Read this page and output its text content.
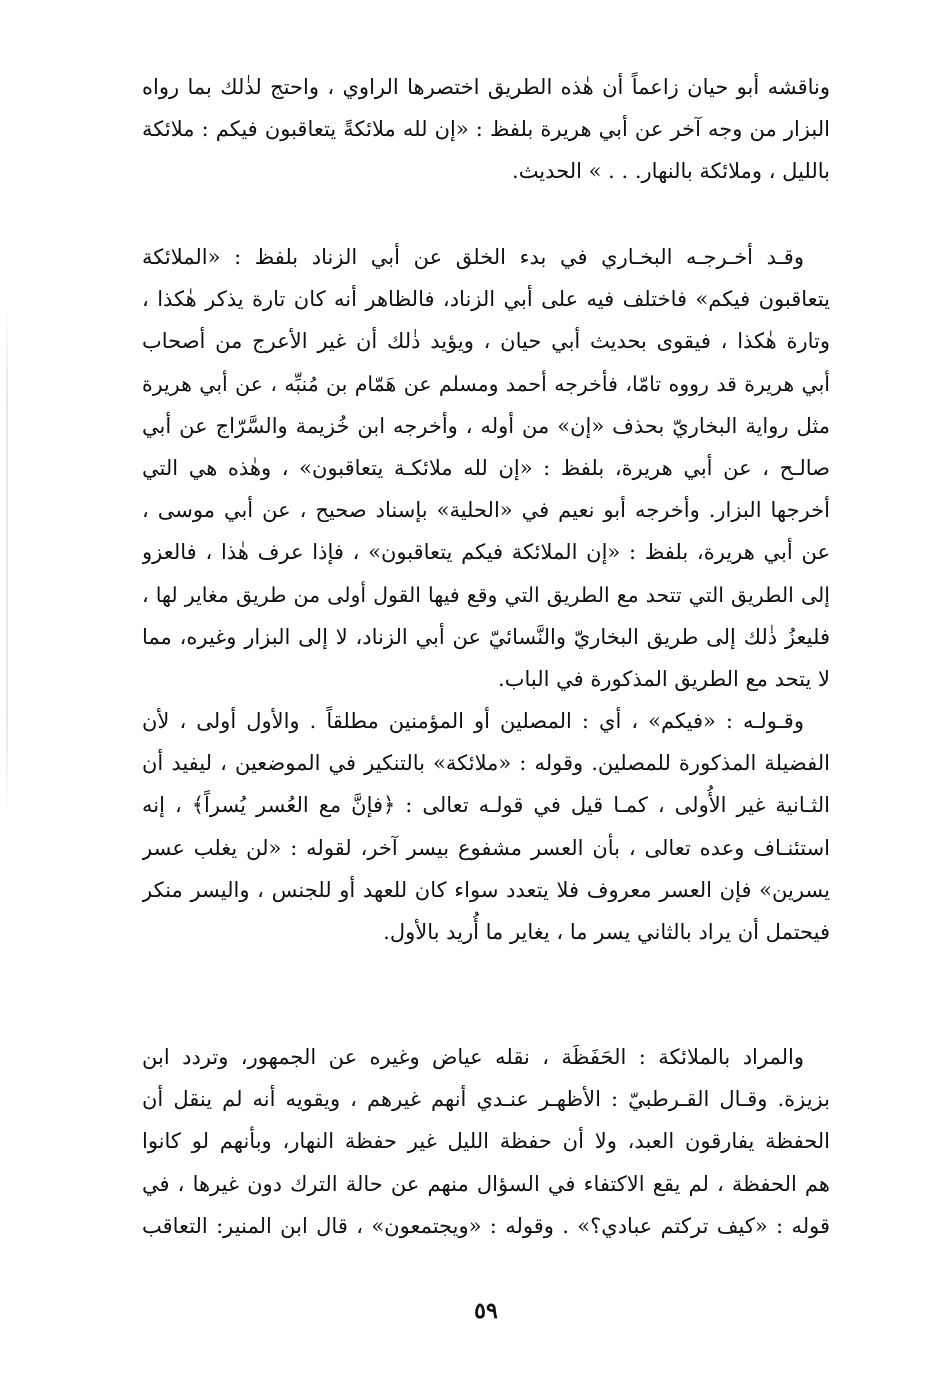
وناقشه أبو حيان زاعماً أن هٰذه الطريق اختصرها الراوي ، واحتج لذٰلك بما رواه
البزار من وجه آخر عن أبي هريرة بلفظ : «إن لله ملائكةً يتعاقبون فيكم : ملائكة
بالليل ، وملائكة بالنهار. . . » الحديث.
وقـد أخـرجـه البخـاري في بدء الخلق عن أبي الزناد بلفظ : «الملائكة
يتعاقبون فيكم» فاختلف فيه على أبي الزناد، فالظاهر أنه كان تارة يذكر هٰكذا ،
وتارة هٰكذا ، فيقوى بحديث أبي حيان ، ويؤيد ذٰلك أن غير الأعرج من أصحاب
أبي هريرة قد رووه تامّا، فأخرجه أحمد ومسلم عن هَمّام بن مُنبِّه ، عن أبي هريرة
مثل رواية البخاريّ بحذف «إن» من أوله ، وأخرجه ابن خُزيمة والسَّرّاج عن أبي
صالـح ، عن أبي هريرة، بلفظ : «إن لله ملائكـة يتعاقبون» ، وهٰذه هي التي
أخرجها البزار. وأخرجه أبو نعيم في «الحلية» بإسناد صحيح ، عن أبي موسى ،
عن أبي هريرة، بلفظ : «إن الملائكة فيكم يتعاقبون» ، فإذا عرف هٰذا ، فالعزو
إلى الطريق التي تتحد مع الطريق التي وقع فيها القول أولى من طريق مغاير لها ،
فليعزُ ذٰلك إلى طريق البخاريّ والنَّسائيّ عن أبي الزناد، لا إلى البزار وغيره، مما
لا يتحد مع الطريق المذكورة في الباب.
وقـولـه : «فيكم» ، أي : المصلين أو المؤمنين مطلقاً . والأول أولى ، لأن
الفضيلة المذكورة للمصلين. وقوله : «ملائكة» بالتنكير في الموضعين ، ليفيد أن
الثـانية غير الأُولى ، كمـا قيل في قولـه تعالى : ﴿فإنَّ مع العُسر يُسراً﴾ ، إنه
استئنـاف وعده تعالى ، بأن العسر مشفوع بيسر آخر، لقوله : «لن يغلب عسر
يسرين» فإن العسر معروف فلا يتعدد سواء كان للعهد أو للجنس ، واليسر منكر
فيحتمل أن يراد بالثاني يسر ما ، يغاير ما أُريد بالأول.
والمراد بالملائكة : الحَفَظَة ، نقله عياض وغيره عن الجمهور، وتردد ابن
بزيزة. وقـال القـرطبيّ : الأظهـر عنـدي أنهم غيرهم ، ويقويه أنه لم ينقل أن
الحفظة يفارقون العبد، ولا أن حفظة الليل غير حفظة النهار، وبأنهم لو كانوا
هم الحفظة ، لم يقع الاكتفاء في السؤال منهم عن حالة الترك دون غيرها ، في
قوله : «كيف تركتم عبادي؟» . وقوله : «ويجتمعون» ، قال ابن المنير: التعاقب
٥٩
